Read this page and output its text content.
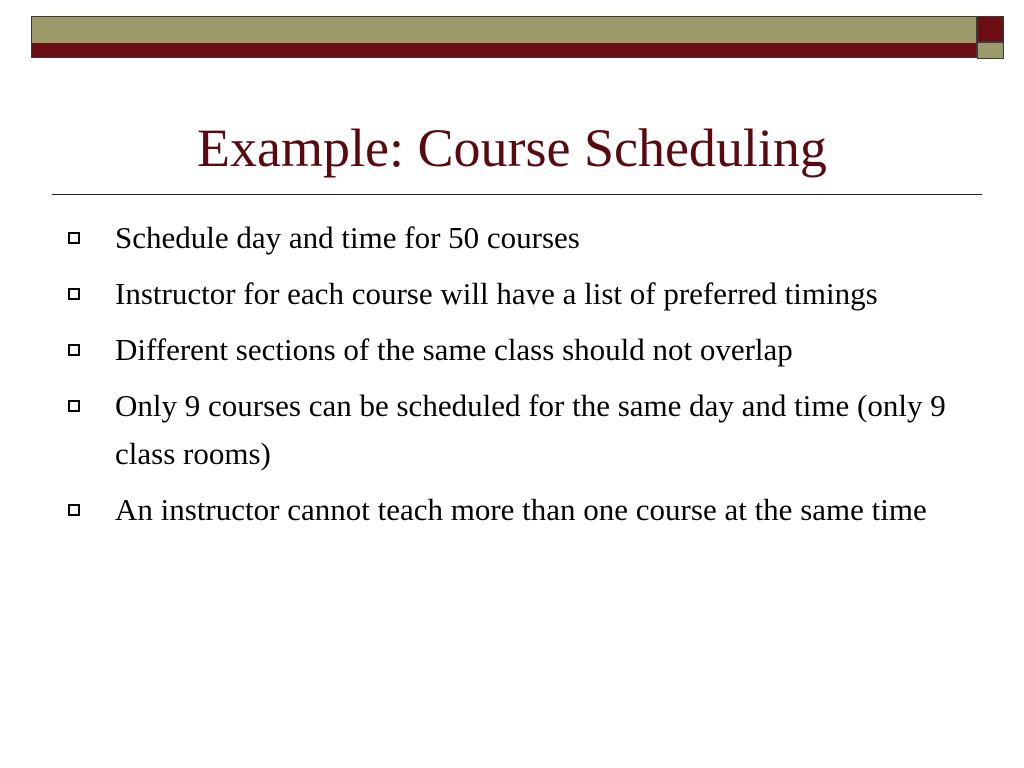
Example: Course Scheduling
Schedule day and time for 50 courses
Instructor for each course will have a list of preferred timings
Different sections of the same class should not overlap
Only 9 courses can be scheduled for the same day and time (only 9 class rooms)
An instructor cannot teach more than one course at the same time
